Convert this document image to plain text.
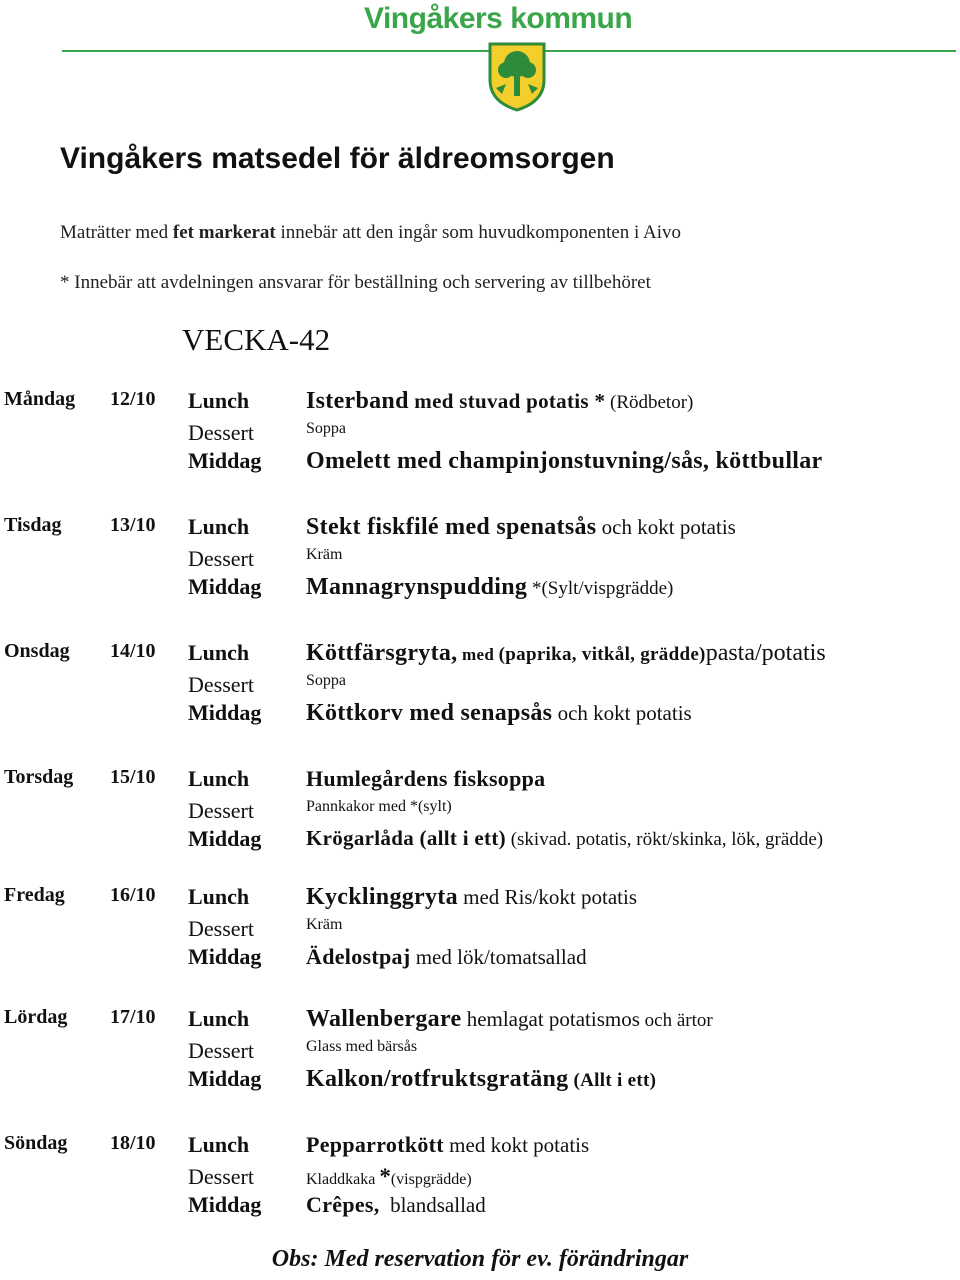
Vingåkers kommun
Vingåkers matsedel för äldreomsorgen
Maträtter med fet markerat innebär att den ingår som huvudkomponenten i Aivo
* Innebär att avdelningen ansvarar för beställning och servering av tillbehöret
VECKA-42
Måndag 12/10 Lunch
Dessert
Middag
Isterband med stuvad potatis * (Rödbetor)
Soppa
Omelett med champinjonstuvning/sås, köttbullar
Tisdag 13/10 Lunch
Dessert
Middag
Stekt fiskfilé med spenatsås och kokt potatis
Kräm
Mannagrynspudding *(Sylt/vispgrädde)
Onsdag 14/10 Lunch
Dessert
Middag
Köttfärsgryta, med (paprika, vitkål, grädde)pasta/potatis
Soppa
Köttkorv med senapsås och kokt potatis
Torsdag 15/10 Lunch
Dessert
Middag
Humlegårdens fisksoppa
Pannkakor med *(sylt)
Krögarlåda (allt i ett) (skivad. potatis, rökt/skinka, lök, grädde)
Fredag 16/10 Lunch
Dessert
Middag
Kycklinggryta med Ris/kokt potatis
Kräm
Ädelostpaj med lök/tomatsallad
Lördag 17/10 Lunch
Dessert
Middag
Wallenbergare hemlagat potatismos och ärtor
Glass med bärsås
Kalkon/rotfruktsgratäng (Allt i ett)
Söndag 18/10 Lunch
Dessert
Middag
Pepparrotkött med kokt potatis
Kladdkaka *(vispgrädde)
Crêpes,  blandsallad
Obs: Med reservation för ev. förändringar
